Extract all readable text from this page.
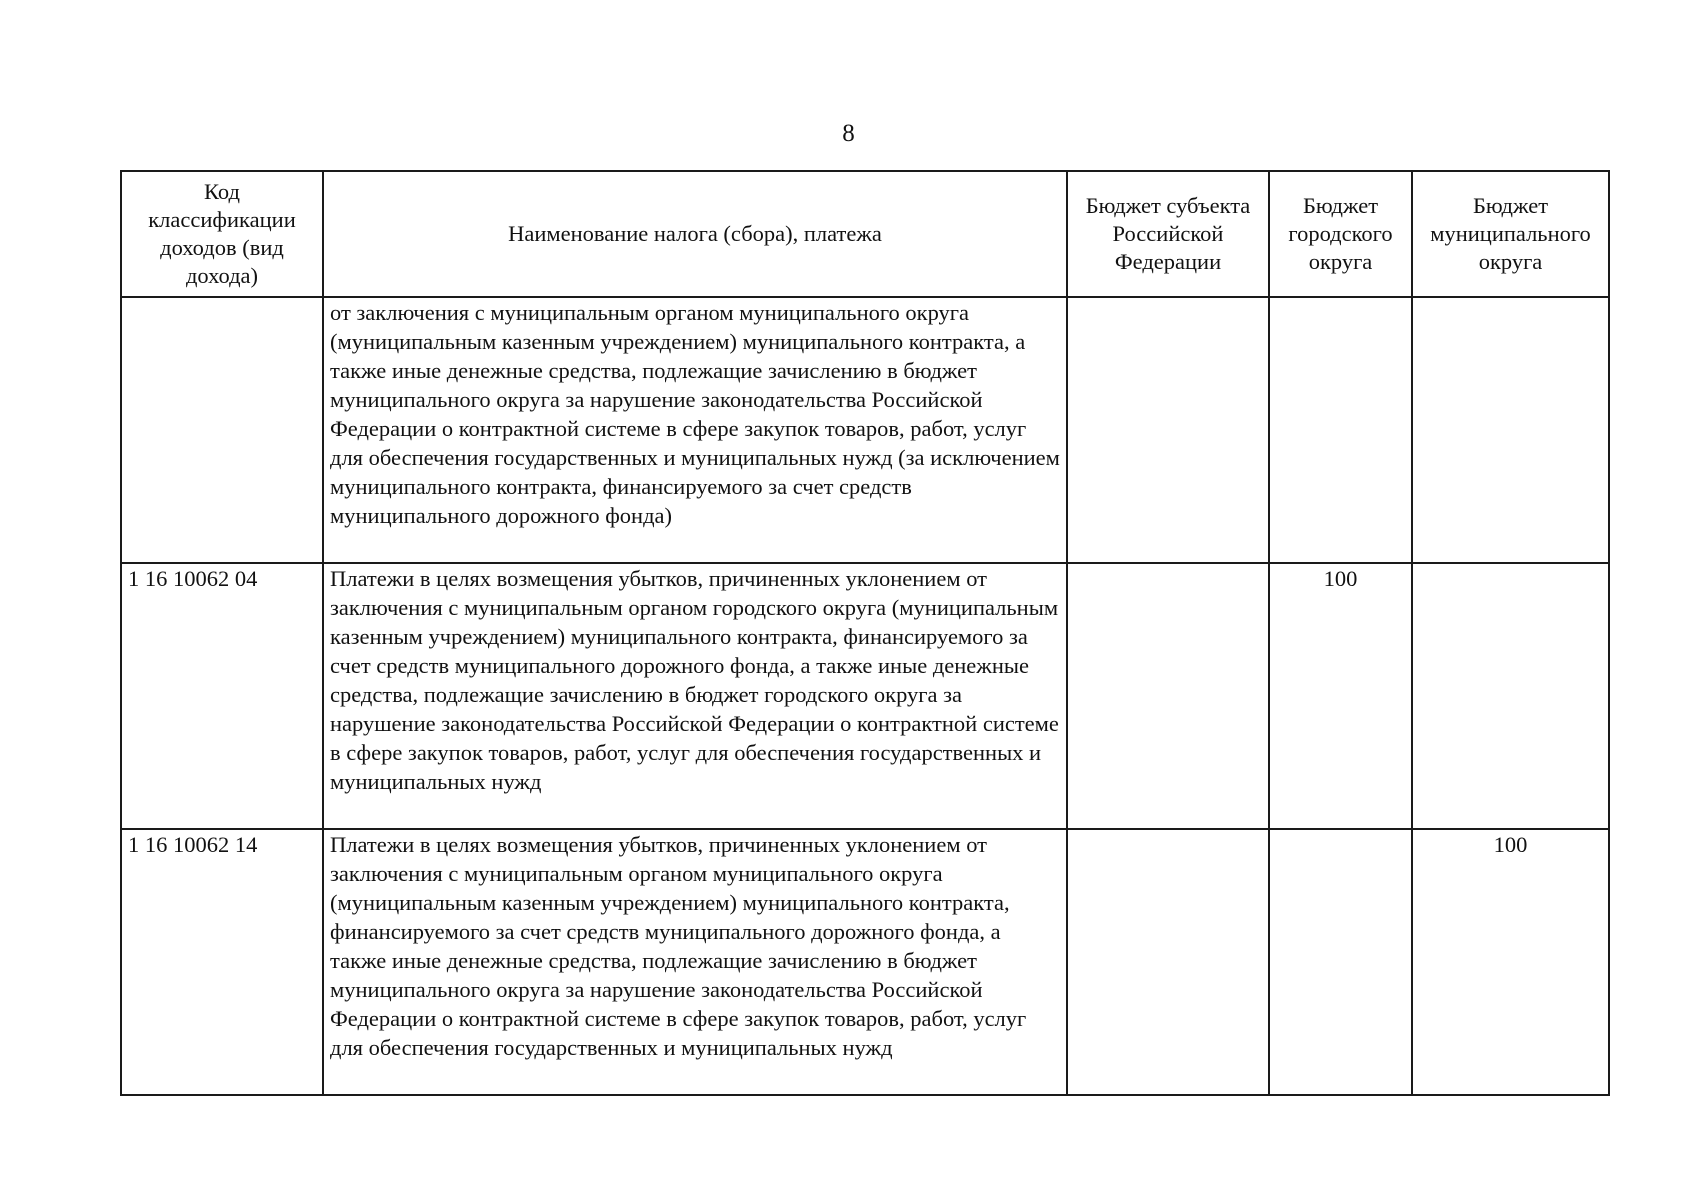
8
Код классификации доходов (вид дохода)	Наименование налога (сбора), платежа	Бюджет субъекта Российской Федерации	Бюджет городского округа	Бюджет муниципального округа
	от заключения с муниципальным органом муниципального округа (муниципальным казенным учреждением) муниципального контракта, а также иные денежные средства, подлежащие зачислению в бюджет муниципального округа за нарушение законодательства Российской Федерации о контрактной системе в сфере закупок товаров, работ, услуг для обеспечения государственных и муниципальных нужд (за исключением муниципального контракта, финансируемого за счет средств муниципального дорожного фонда)			
1 16 10062 04	Платежи в целях возмещения убытков, причиненных уклонением от заключения с муниципальным органом городского округа (муниципальным казенным учреждением) муниципального контракта, финансируемого за счет средств муниципального дорожного фонда, а также иные денежные средства, подлежащие зачислению в бюджет городского округа за нарушение законодательства Российской Федерации о контрактной системе в сфере закупок товаров, работ, услуг для обеспечения государственных и муниципальных нужд		100	
1 16 10062 14	Платежи в целях возмещения убытков, причиненных уклонением от заключения с муниципальным органом муниципального округа (муниципальным казенным учреждением) муниципального контракта, финансируемого за счет средств муниципального дорожного фонда, а также иные денежные средства, подлежащие зачислению в бюджет муниципального округа за нарушение законодательства Российской Федерации о контрактной системе в сфере закупок товаров, работ, услуг для обеспечения государственных и муниципальных нужд			100
